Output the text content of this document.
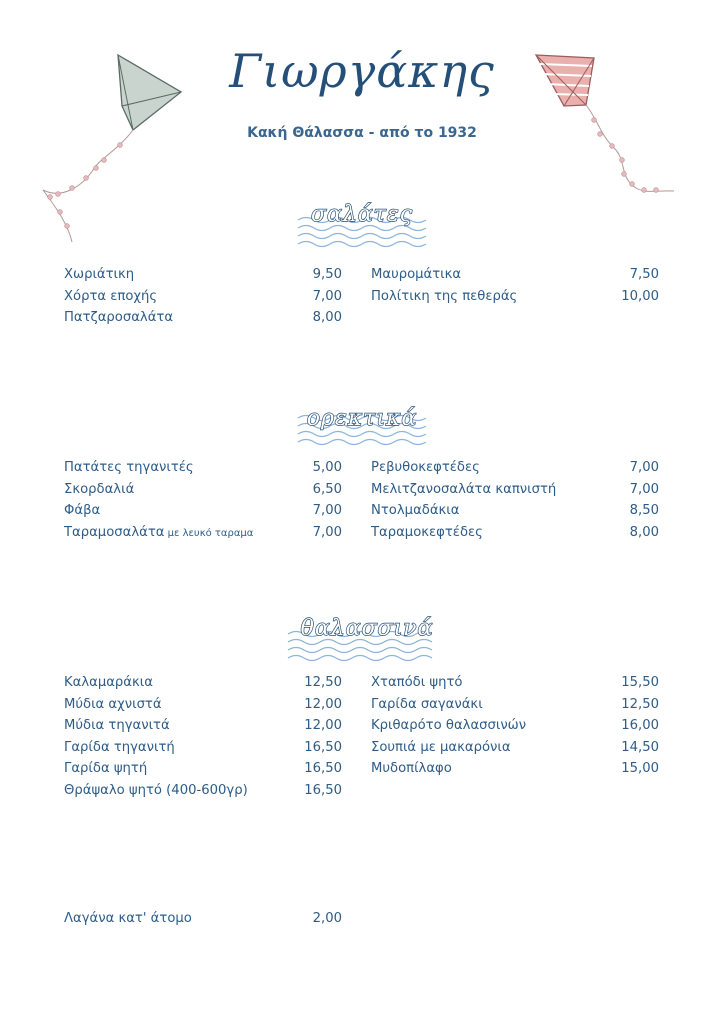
Γιωργάκης
Κακή Θάλασσα - από το 1932
σαλάτες
Χωριάτικη	9,50
Χόρτα εποχής	7,00
Πατζαροσαλάτα	8,00
Μαυρομάτικα	7,50
Πολίτικη της πεθεράς	10,00
ορεκτικά
Πατάτες τηγανιτές	5,00
Σκορδαλιά	6,50
Φάβα	7,00
Ταραμοσαλάτα με λευκό ταραμα	7,00
Ρεβυθοκεφτέδες	7,00
Μελιτζανοσαλάτα καπνιστή	7,00
Ντολμαδάκια	8,50
Ταραμοκεφτέδες	8,00
θαλασσινά
Καλαμαράκια	12,50
Μύδια αχνιστά	12,00
Μύδια τηγανιτά	12,00
Γαρίδα τηγανιτή	16,50
Γαρίδα ψητή	16,50
Θράψαλο ψητό (400-600γρ)	16,50
Χταπόδι ψητό	15,50
Γαρίδα σαγανάκι	12,50
Κριθαρότο θαλασσινών	16,00
Σουπιά με μακαρόνια	14,50
Μυδοπίλαφο	15,00
Λαγάνα κατ' άτομο	2,00
